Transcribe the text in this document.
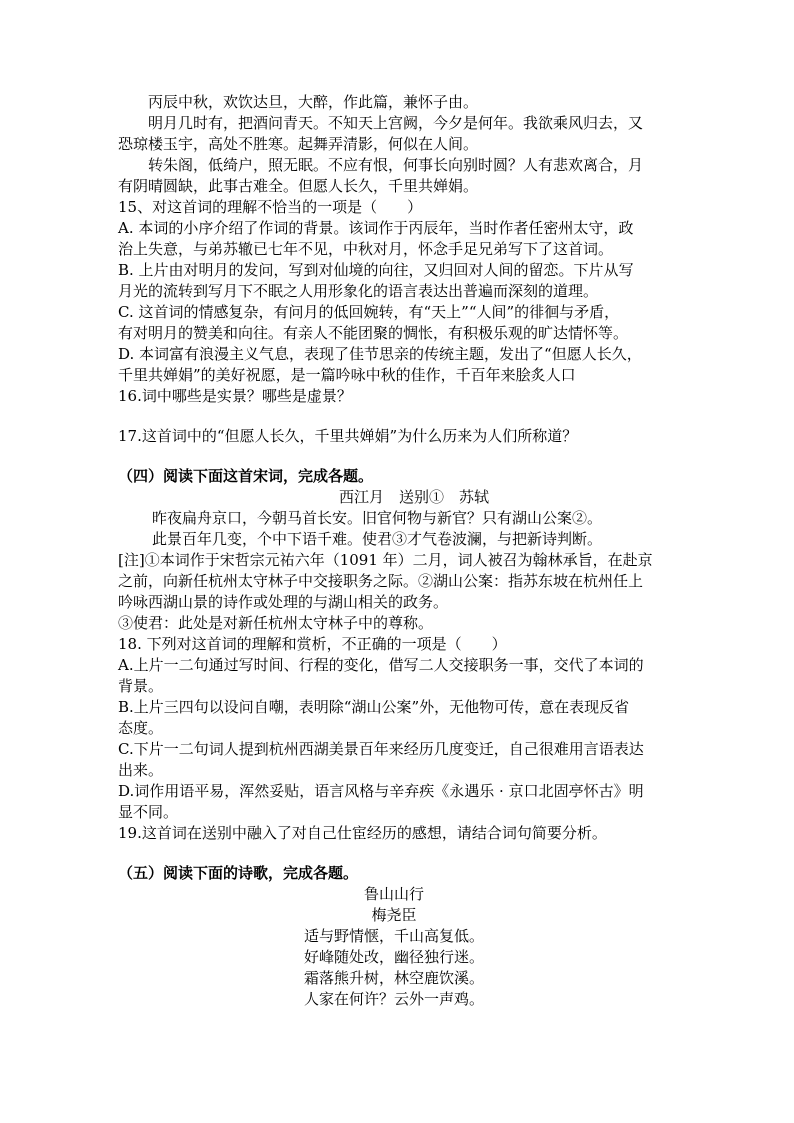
丙辰中秋，欢饮达旦，大醉，作此篇，兼怀子由。
明月几时有，把酒问青天。不知天上宫阙，今夕是何年。我欲乘风归去，又
恐琼楼玉宇，高处不胜寒。起舞弄清影，何似在人间。
转朱阁，低绮户，照无眠。不应有恨，何事长向别时圆？人有悲欢离合，月
有阴晴圆缺，此事古难全。但愿人长久，千里共婵娟。
15、对这首词的理解不恰当的一项是（　　）
A. 本词的小序介绍了作词的背景。该词作于丙辰年，当时作者任密州太守，政
治上失意，与弟苏辙已七年不见，中秋对月，怀念手足兄弟写下了这首词。
B. 上片由对明月的发问，写到对仙境的向往，又归回对人间的留恋。下片从写
月光的流转到写月下不眠之人用形象化的语言表达出普遍而深刻的道理。
C. 这首词的情感复杂，有问月的低回婉转，有“天上”“人间”的徘徊与矛盾，
有对明月的赞美和向往。有亲人不能团聚的惆怅，有积极乐观的旷达情怀等。
D. 本词富有浪漫主义气息，表现了佳节思亲的传统主题，发出了“但愿人长久，
千里共婵娟”的美好祝愿，是一篇吟咏中秋的佳作，千百年来脍炙人口
16.词中哪些是实景？哪些是虚景？
17.这首词中的“但愿人长久，千里共婵娟”为什么历来为人们所称道？
（四）阅读下面这首宋词，完成各题。
西江月　送别①　苏轼
昨夜扁舟京口，今朝马首长安。旧官何物与新官？只有湖山公案②。
此景百年几变，个中下语千难。使君③才气卷波澜，与把新诗判断。
[注]①本词作于宋哲宗元祐六年（1091 年）二月，词人被召为翰林承旨，在赴京
之前，向新任杭州太守林子中交接职务之际。②湖山公案：指苏东坡在杭州任上
吟咏西湖山景的诗作或处理的与湖山相关的政务。
③使君：此处是对新任杭州太守林子中的尊称。
18. 下列对这首词的理解和赏析，不正确的一项是（　　）
A.上片一二句通过写时间、行程的变化，借写二人交接职务一事，交代了本词的
背景。
B.上片三四句以设问自嘲，表明除“湖山公案”外，无他物可传，意在表现反省
态度。
C.下片一二句词人提到杭州西湖美景百年来经历几度变迁，自己很难用言语表达
出来。
D.词作用语平易，浑然妥贴，语言风格与辛弃疾《永遇乐 · 京口北固亭怀古》明
显不同。
19.这首词在送别中融入了对自己仕宦经历的感想，请结合词句简要分析。
（五）阅读下面的诗歌，完成各题。
鲁山山行
梅尧臣
适与野情惬，千山高复低。
好峰随处改，幽径独行迷。
霜落熊升树，林空鹿饮溪。
人家在何许？云外一声鸡。
